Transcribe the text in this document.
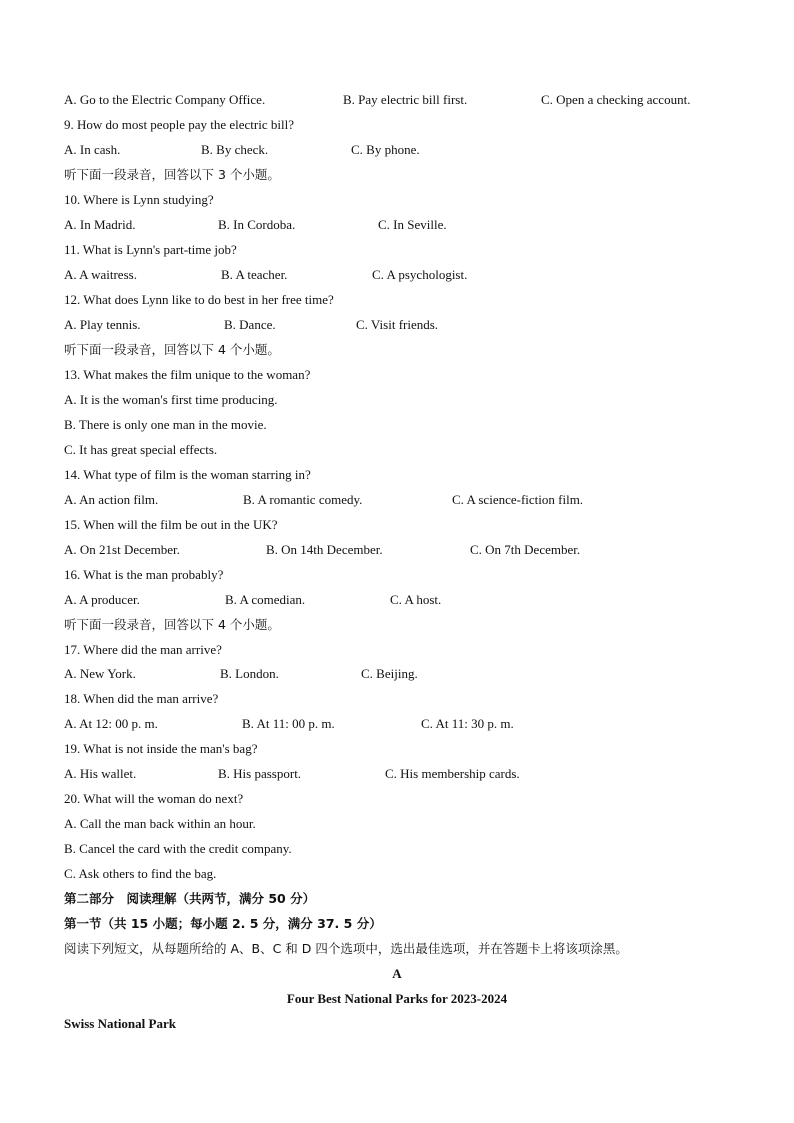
A. Go to the Electric Company Office.	B. Pay electric bill first.	C. Open a checking account.
9. How do most people pay the electric bill?
A. In cash.	B. By check.	C. By phone.
听下面一段录音，回答以下 3 个小题。
10. Where is Lynn studying?
A. In Madrid.	B. In Cordoba.	C. In Seville.
11. What is Lynn's part-time job?
A. A waitress.	B. A teacher.	C. A psychologist.
12. What does Lynn like to do best in her free time?
A. Play tennis.	B. Dance.	C. Visit friends.
听下面一段录音，回答以下 4 个小题。
13. What makes the film unique to the woman?
A. It is the woman's first time producing.
B. There is only one man in the movie.
C. It has great special effects.
14. What type of film is the woman starring in?
A. An action film.	B. A romantic comedy.	C. A science-fiction film.
15. When will the film be out in the UK?
A. On 21st December.	B. On 14th December.	C. On 7th December.
16. What is the man probably?
A. A producer.	B. A comedian.	C. A host.
听下面一段录音，回答以下 4 个小题。
17. Where did the man arrive?
A. New York.	B. London.	C. Beijing.
18. When did the man arrive?
A. At 12: 00 p. m.	B. At 11: 00 p. m.	C. At 11: 30 p. m.
19. What is not inside the man's bag?
A. His wallet.	B. His passport.	C. His membership cards.
20. What will the woman do next?
A. Call the man back within an hour.
B. Cancel the card with the credit company.
C. Ask others to find the bag.
第二部分　阅读理解（共两节，满分 50 分）
第一节（共 15 小题；每小题 2. 5 分，满分 37. 5 分）
阅读下列短文，从每题所给的 A、B、C 和 D 四个选项中，选出最佳选项，并在答题卡上将该项涂黑。
A
Four Best National Parks for 2023-2024
Swiss National Park
